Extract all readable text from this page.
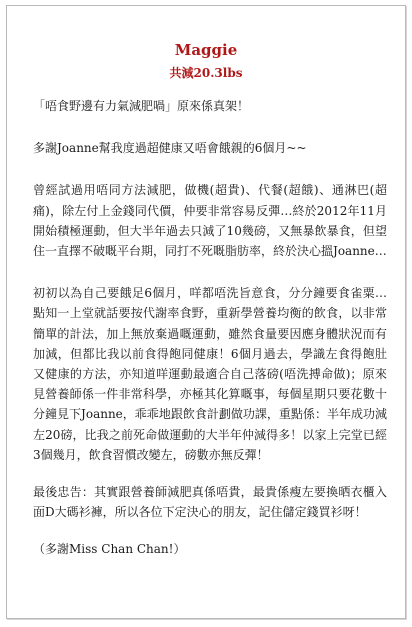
Maggie
共減20.3lbs

「唔食野邊有力氣減肥喎」原來係真架！

多謝Joanne幫我度過超健康又唔會餓親的6個月~~

曾經試過用唔同方法減肥，做機(超貴)、代餐(超餓)、通淋巴(超痛)，除左付上金錢同代價，仲要非常容易反彈…終於2012年11月開始積極運動，但大半年過去只減了10幾磅，又無暴飲暴食，但望住一直擇不破嘅平台期，同打不死嘅脂肪率，終於決心搵Joanne…

初初以為自己要餓足6個月，咩都唔洗旨意食，分分鐘要食雀粟…點知一上堂就話要按代謝率食野，重新學營養均衡的飲食，以非常簡單的計法，加上無放棄過嘅運動，雖然食量要因應身體狀況而有加減，但都比我以前食得飽同健康！6個月過去，學識左食得飽肚又健康的方法，亦知道咩運動最適合自己落磅(唔洗搏命做)；原來見營養師係一件非常科學，亦極其化算嘅事，每個星期只要花數十分鐘見下Joanne，乖乖地跟飲食計劃做功課，重點係：半年成功減左20磅，比我之前死命做運動的大半年仲減得多！以家上完堂已經3個幾月，飲食習慣改變左，磅數亦無反彈！

最後忠告：其實跟營養師減肥真係唔貴，最貴係瘦左要換晒衣櫃入面D大碼衫褲，所以各位下定決心的朋友，記住儲定錢買衫呀！

（多謝Miss Chan Chan!）
